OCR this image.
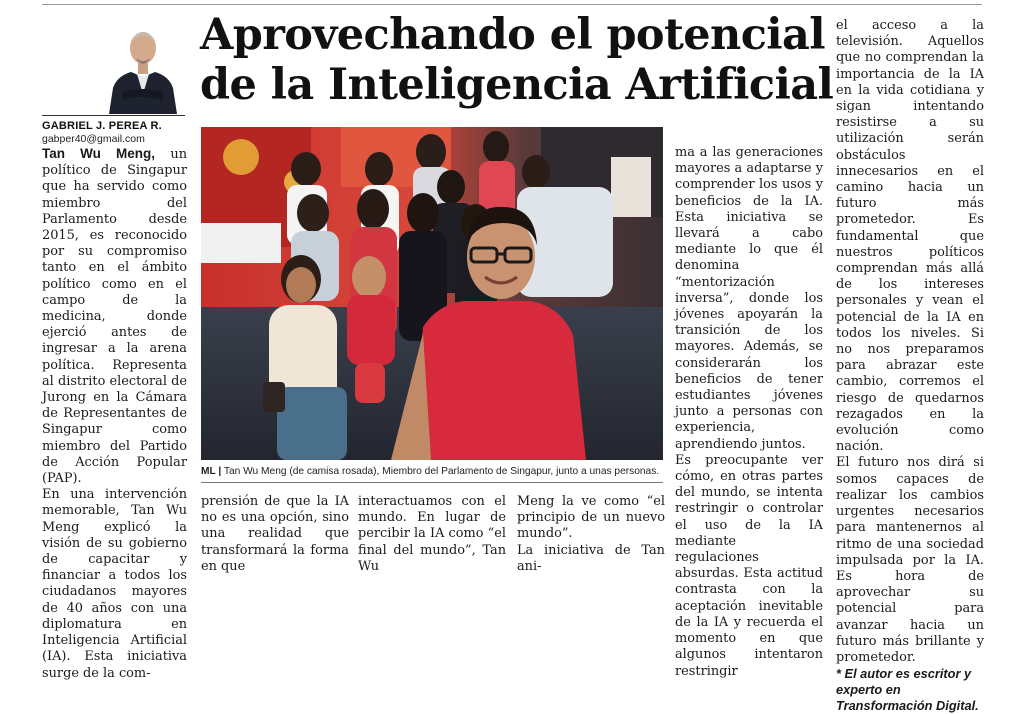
GABRIEL J. PEREA R.
gabper40@gmail.com
Aprovechando el potencial
de la Inteligencia Artificial

Tan Wu Meng, un político de Singapur que ha servido como miembro del Parlamento desde 2015, es reconocido por su compromiso tanto en el ámbito político como en el campo de la medicina, donde ejerció antes de ingresar a la arena política. Representa al distrito electoral de Jurong en la Cámara de Representantes de Singapur como miembro del Partido de Acción Popular (PAP).

En una intervención memorable, Tan Wu Meng explicó la visión de su gobierno de capacitar y financiar a todos los ciudadanos mayores de 40 años con una diplomatura en Inteligencia Artificial (IA). Esta iniciativa surge de la com-

ML | Tan Wu Meng (de camisa rosada), Miembro del Parlamento de Singapur, junto a unas personas.

prensión de que la IA no es una opción, sino una realidad que transformará la forma en que

interactuamos con el mundo. En lugar de percibir la IA como “el final del mundo”, Tan Wu

Meng la ve como “el principio de un nuevo mundo”.

La iniciativa de Tan ani-

ma a las generaciones mayores a adaptarse y comprender los usos y beneficios de la IA. Esta iniciativa se llevará a cabo mediante lo que él denomina “mentorización inversa”, donde los jóvenes apoyarán la transición de los mayores. Además, se considerarán los beneficios de tener estudiantes jóvenes junto a personas con experiencia, aprendiendo juntos.

Es preocupante ver cómo, en otras partes del mundo, se intenta restringir o controlar el uso de la IA mediante regulaciones absurdas. Esta actitud contrasta con la aceptación inevitable de la IA y recuerda el momento en que algunos intentaron restringir

el acceso a la televisión. Aquellos que no comprendan la importancia de la IA en la vida cotidiana y sigan intentando resistirse a su utilización serán obstáculos innecesarios en el camino hacia un futuro más prometedor. Es fundamental que nuestros políticos comprendan más allá de los intereses personales y vean el potencial de la IA en todos los niveles. Si no nos preparamos para abrazar este cambio, corremos el riesgo de quedarnos rezagados en la evolución como nación.

El futuro nos dirá si somos capaces de realizar los cambios urgentes necesarios para mantenernos al ritmo de una sociedad impulsada por la IA. Es hora de aprovechar su potencial para avanzar hacia un futuro más brillante y prometedor.

* El autor es escritor y experto en Transformación Digital.
